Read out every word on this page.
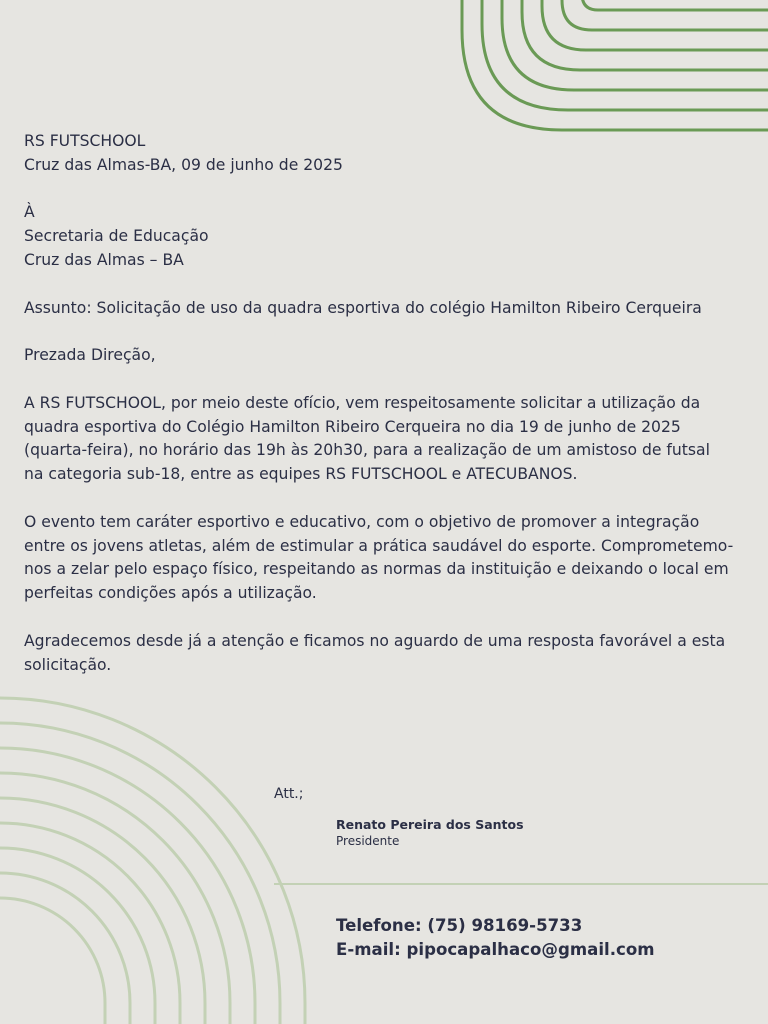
RS FUTSCHOOL

Cruz das Almas-BA, 09 de junho de 2025

À

Secretaria de Educação

Cruz das Almas – BA

Assunto: Solicitação de uso da quadra esportiva do colégio Hamilton Ribeiro Cerqueira

Prezada Direção,

A RS FUTSCHOOL, por meio deste ofício, vem respeitosamente solicitar a utilização da

quadra esportiva do Colégio Hamilton Ribeiro Cerqueira no dia 19 de junho de 2025

(quarta-feira), no horário das 19h às 20h30, para a realização de um amistoso de futsal

na categoria sub-18, entre as equipes RS FUTSCHOOL e ATECUBANOS.

O evento tem caráter esportivo e educativo, com o objetivo de promover a integração

entre os jovens atletas, além de estimular a prática saudável do esporte. Comprometemo-

nos a zelar pelo espaço físico, respeitando as normas da instituição e deixando o local em

perfeitas condições após a utilização.

Agradecemos desde já a atenção e ficamos no aguardo de uma resposta favorável a esta

solicitação.

Att.;
Renato Pereira dos Santos
Presidente

Telefone: (75) 98169-5733

E-mail: pipocapalhaco@gmail.com
